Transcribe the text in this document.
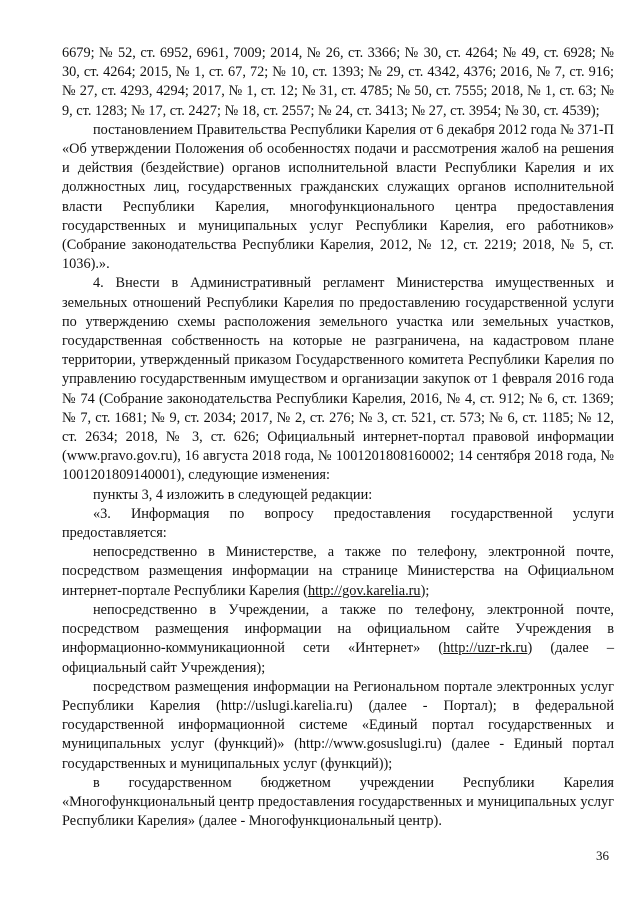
6679; № 52, ст. 6952, 6961, 7009; 2014, № 26, ст. 3366; № 30, ст. 4264; № 49, ст. 6928; № 30, ст. 4264; 2015, № 1, ст. 67, 72; № 10, ст. 1393; № 29, ст. 4342, 4376; 2016, № 7, ст. 916; № 27, ст. 4293, 4294; 2017, № 1, ст. 12; № 31, ст. 4785; № 50, ст. 7555; 2018, № 1, ст. 63; № 9, ст. 1283; № 17, ст. 2427; № 18, ст. 2557; № 24, ст. 3413; № 27, ст. 3954; № 30, ст. 4539);

постановлением Правительства Республики Карелия от 6 декабря 2012 года № 371-П «Об утверждении Положения об особенностях подачи и рассмотрения жалоб на решения и действия (бездействие) органов исполнительной власти Республики Карелия и их должностных лиц, государственных гражданских служащих органов исполнительной власти Республики Карелия, многофункционального центра предоставления государственных и муниципальных услуг Республики Карелия, его работников» (Собрание законодательства Республики Карелия, 2012, № 12, ст. 2219; 2018, № 5, ст. 1036).».

4. Внести в Административный регламент Министерства имущественных и земельных отношений Республики Карелия по предоставлению государственной услуги по утверждению схемы расположения земельного участка или земельных участков, государственная собственность на которые не разграничена, на кадастровом плане территории, утвержденный приказом Государственного комитета Республики Карелия по управлению государственным имуществом и организации закупок от 1 февраля 2016 года № 74 (Собрание законодательства Республики Карелия, 2016, № 4, ст. 912; № 6, ст. 1369; № 7, ст. 1681; № 9, ст. 2034; 2017, № 2, ст. 276; № 3, ст. 521, ст. 573; № 6, ст. 1185; № 12, ст. 2634; 2018, № 3, ст. 626; Официальный интернет-портал правовой информации (www.pravo.gov.ru), 16 августа 2018 года, № 1001201808160002; 14 сентября 2018 года, № 1001201809140001), следующие изменения:

пункты 3, 4 изложить в следующей редакции:

«3. Информация по вопросу предоставления государственной услуги предоставляется:

непосредственно в Министерстве, а также по телефону, электронной почте, посредством размещения информации на странице Министерства на Официальном интернет-портале Республики Карелия (http://gov.karelia.ru);

непосредственно в Учреждении, а также по телефону, электронной почте, посредством размещения информации на официальном сайте Учреждения в информационно-коммуникационной сети «Интернет» (http://uzr-rk.ru) (далее – официальный сайт Учреждения);

посредством размещения информации на Региональном портале электронных услуг Республики Карелия (http://uslugi.karelia.ru) (далее - Портал); в федеральной государственной информационной системе «Единый портал государственных и муниципальных услуг (функций)» (http://www.gosuslugi.ru) (далее - Единый портал государственных и муниципальных услуг (функций));

в государственном бюджетном учреждении Республики Карелия «Многофункциональный центр предоставления государственных и муниципальных услуг Республики Карелия» (далее - Многофункциональный центр).

36
